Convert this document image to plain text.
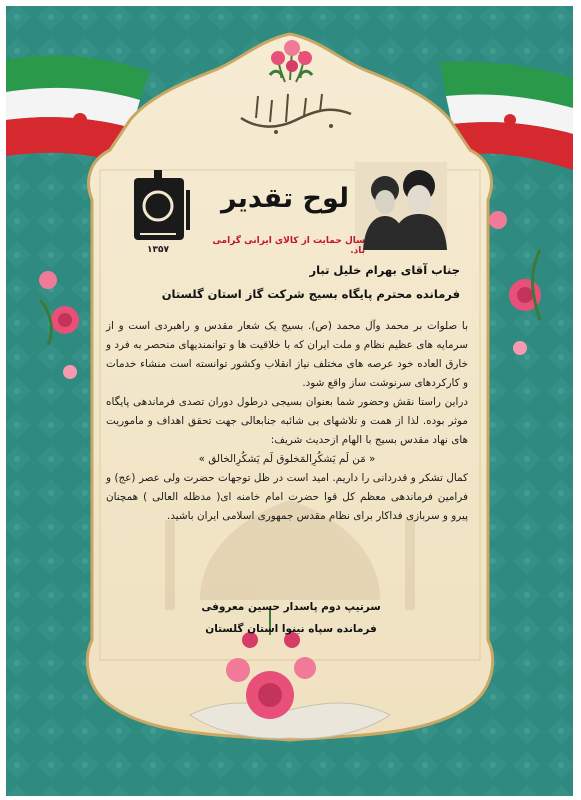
۱۳۵۷
لوح تقدیر
سال حمایت از کالای ایرانی گرامی باد.
جناب آقای بهرام خلیل تبار
فرمانده محترم پایگاه بسیج شرکت گاز استان گلستان

با صلوات بر محمد وآل محمد (ص). بسیج یک شعار مقدس و راهبردی است و از سرمایه های عظیم نظام و ملت ایران که با خلاقیت ها و توانمندیهای منحصر به فرد و خارق العاده خود عرصه های مختلف نیاز انقلاب وکشور توانسته است منشاء خدمات و کارکردهای سرنوشت ساز واقع شود.

دراین راستا نقش وحضور شما بعنوان بسیجی درطول دوران تصدی فرماندهی پایگاه موثر بوده. لذا از همت و تلاشهای بی شائبه جنابعالی جهت تحقق اهداف و ماموریت های نهاد مقدس بسیج با الهام ازحدیث شریف:

« مَن لَم یَشکُرِالمَخلوق لَم یَشکُرِالخالق »

کمال تشکر و قدردانی را داریم. امید است در ظل توجهات حضرت ولی عصر (عج) و فرامین فرماندهی معظم کل قوا حضرت امام خامنه ای( مدظله العالی ) همچنان پیرو و سربازی فداکار برای نظام مقدس جمهوری اسلامی ایران باشید.

سرتیپ دوم پاسدار حسین معروفی
فرمانده سپاه نینوا استان گلستان
